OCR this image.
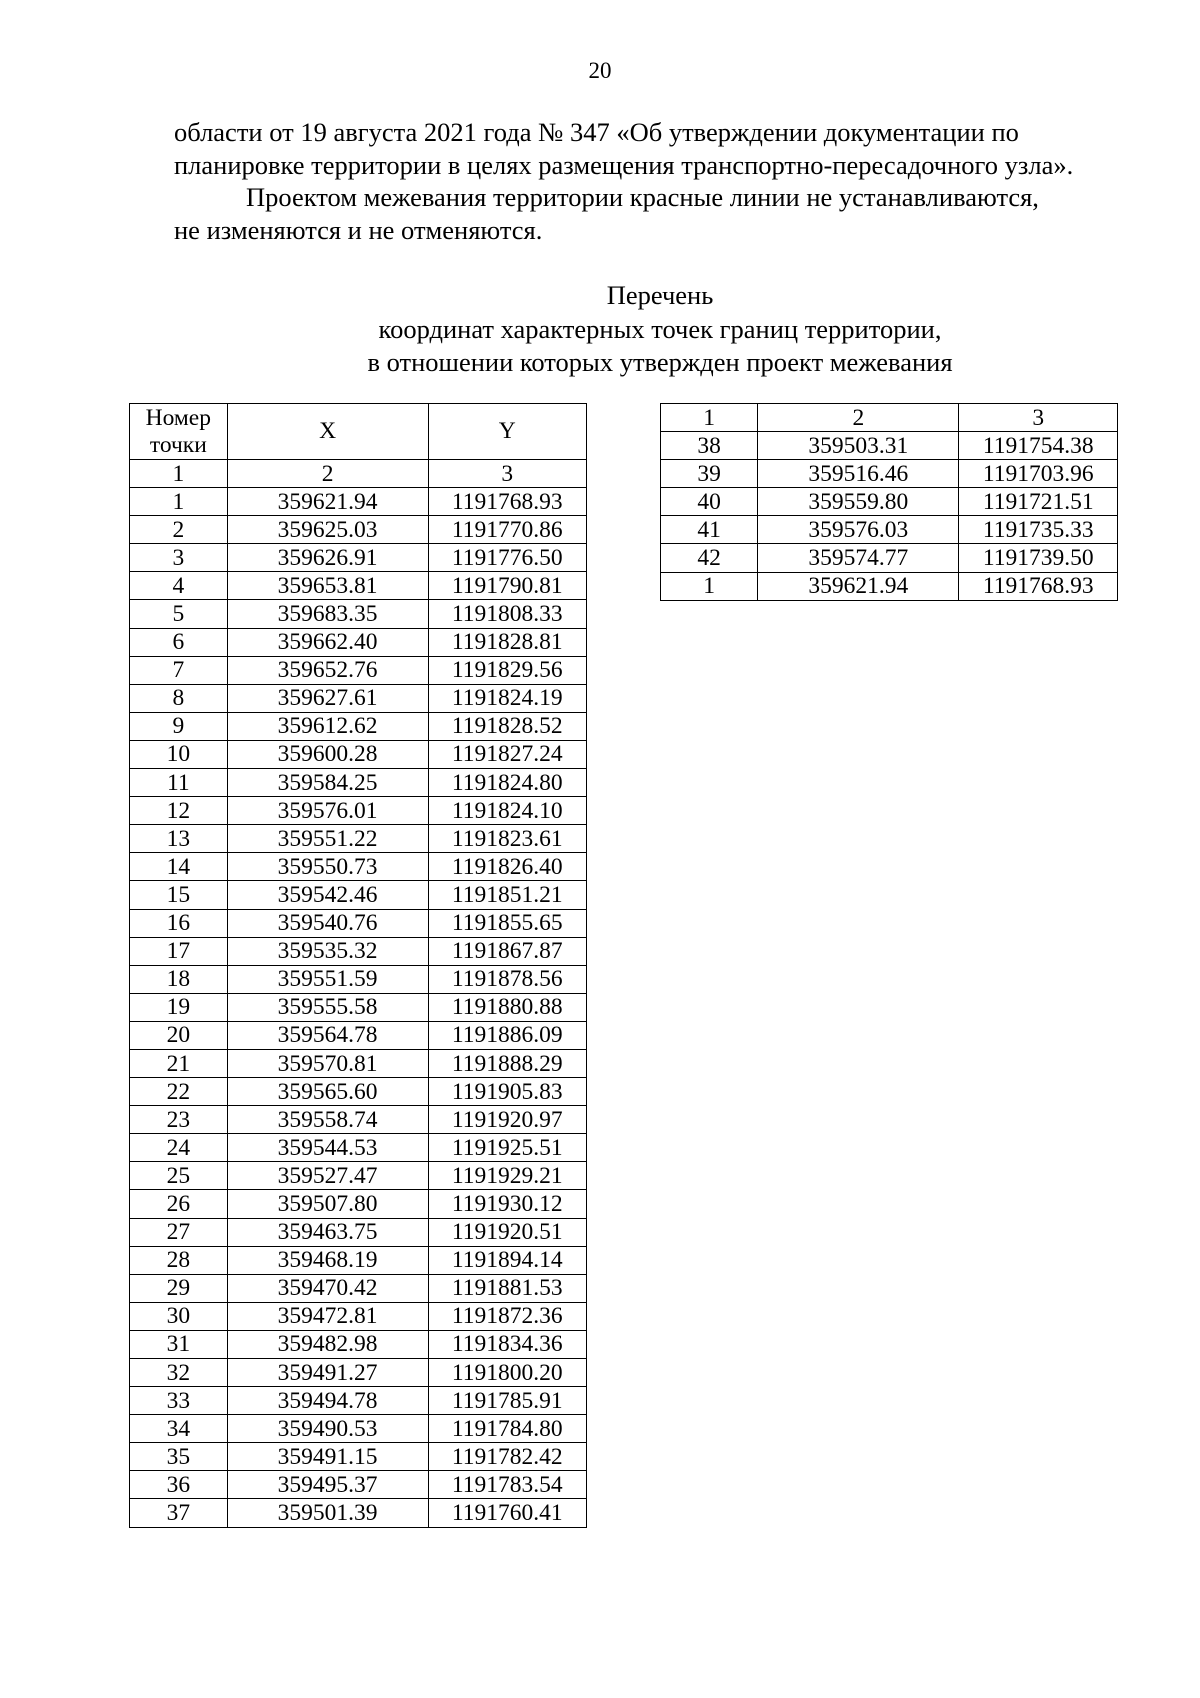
20

области от 19 августа 2021 года № 347 «Об утверждении документации по

планировке территории в целях размещения транспортно-пересадочного узла».

Проектом межевания территории красные линии не устанавливаются,

не изменяются и не отменяются.

Перечень
координат характерных точек границ территории,
в отношении которых утвержден проект межевания
Номер точки	X	Y
1	2	3
1	359621.94	1191768.93
2	359625.03	1191770.86
3	359626.91	1191776.50
4	359653.81	1191790.81
5	359683.35	1191808.33
6	359662.40	1191828.81
7	359652.76	1191829.56
8	359627.61	1191824.19
9	359612.62	1191828.52
10	359600.28	1191827.24
11	359584.25	1191824.80
12	359576.01	1191824.10
13	359551.22	1191823.61
14	359550.73	1191826.40
15	359542.46	1191851.21
16	359540.76	1191855.65
17	359535.32	1191867.87
18	359551.59	1191878.56
19	359555.58	1191880.88
20	359564.78	1191886.09
21	359570.81	1191888.29
22	359565.60	1191905.83
23	359558.74	1191920.97
24	359544.53	1191925.51
25	359527.47	1191929.21
26	359507.80	1191930.12
27	359463.75	1191920.51
28	359468.19	1191894.14
29	359470.42	1191881.53
30	359472.81	1191872.36
31	359482.98	1191834.36
32	359491.27	1191800.20
33	359494.78	1191785.91
34	359490.53	1191784.80
35	359491.15	1191782.42
36	359495.37	1191783.54
37	359501.39	1191760.41
1	2	3
38	359503.31	1191754.38
39	359516.46	1191703.96
40	359559.80	1191721.51
41	359576.03	1191735.33
42	359574.77	1191739.50
1	359621.94	1191768.93
